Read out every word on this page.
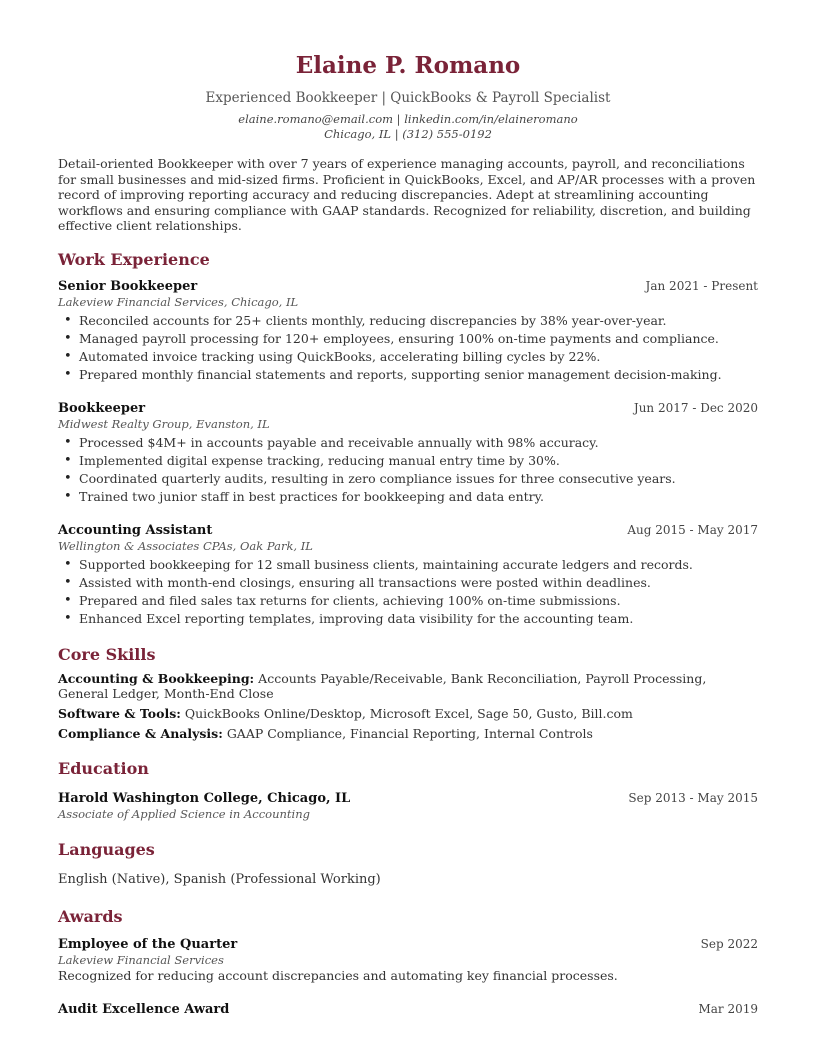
Elaine P. Romano
Experienced Bookkeeper | QuickBooks & Payroll Specialist
elaine.romano@email.com | linkedin.com/in/elaineromano
Chicago, IL | (312) 555-0192

Detail-oriented Bookkeeper with over 7 years of experience managing accounts, payroll, and reconciliations for small businesses and mid-sized firms. Proficient in QuickBooks, Excel, and AP/AR processes with a proven record of improving reporting accuracy and reducing discrepancies. Adept at streamlining accounting workflows and ensuring compliance with GAAP standards. Recognized for reliability, discretion, and building effective client relationships.

Work Experience
Senior Bookkeeper	Jan 2021 - Present
Lakeview Financial Services, Chicago, IL
• Reconciled accounts for 25+ clients monthly, reducing discrepancies by 38% year-over-year.
• Managed payroll processing for 120+ employees, ensuring 100% on-time payments and compliance.
• Automated invoice tracking using QuickBooks, accelerating billing cycles by 22%.
• Prepared monthly financial statements and reports, supporting senior management decision-making.
Bookkeeper	Jun 2017 - Dec 2020
Midwest Realty Group, Evanston, IL
• Processed $4M+ in accounts payable and receivable annually with 98% accuracy.
• Implemented digital expense tracking, reducing manual entry time by 30%.
• Coordinated quarterly audits, resulting in zero compliance issues for three consecutive years.
• Trained two junior staff in best practices for bookkeeping and data entry.
Accounting Assistant	Aug 2015 - May 2017
Wellington & Associates CPAs, Oak Park, IL
• Supported bookkeeping for 12 small business clients, maintaining accurate ledgers and records.
• Assisted with month-end closings, ensuring all transactions were posted within deadlines.
• Prepared and filed sales tax returns for clients, achieving 100% on-time submissions.
• Enhanced Excel reporting templates, improving data visibility for the accounting team.
Core Skills
Accounting & Bookkeeping: Accounts Payable/Receivable, Bank Reconciliation, Payroll Processing, General Ledger, Month-End Close
Software & Tools: QuickBooks Online/Desktop, Microsoft Excel, Sage 50, Gusto, Bill.com
Compliance & Analysis: GAAP Compliance, Financial Reporting, Internal Controls
Education
Harold Washington College, Chicago, IL	Sep 2013 - May 2015
Associate of Applied Science in Accounting
Languages
English (Native), Spanish (Professional Working)
Awards
Employee of the Quarter	Sep 2022
Lakeview Financial Services
Recognized for reducing account discrepancies and automating key financial processes.
Audit Excellence Award	Mar 2019
